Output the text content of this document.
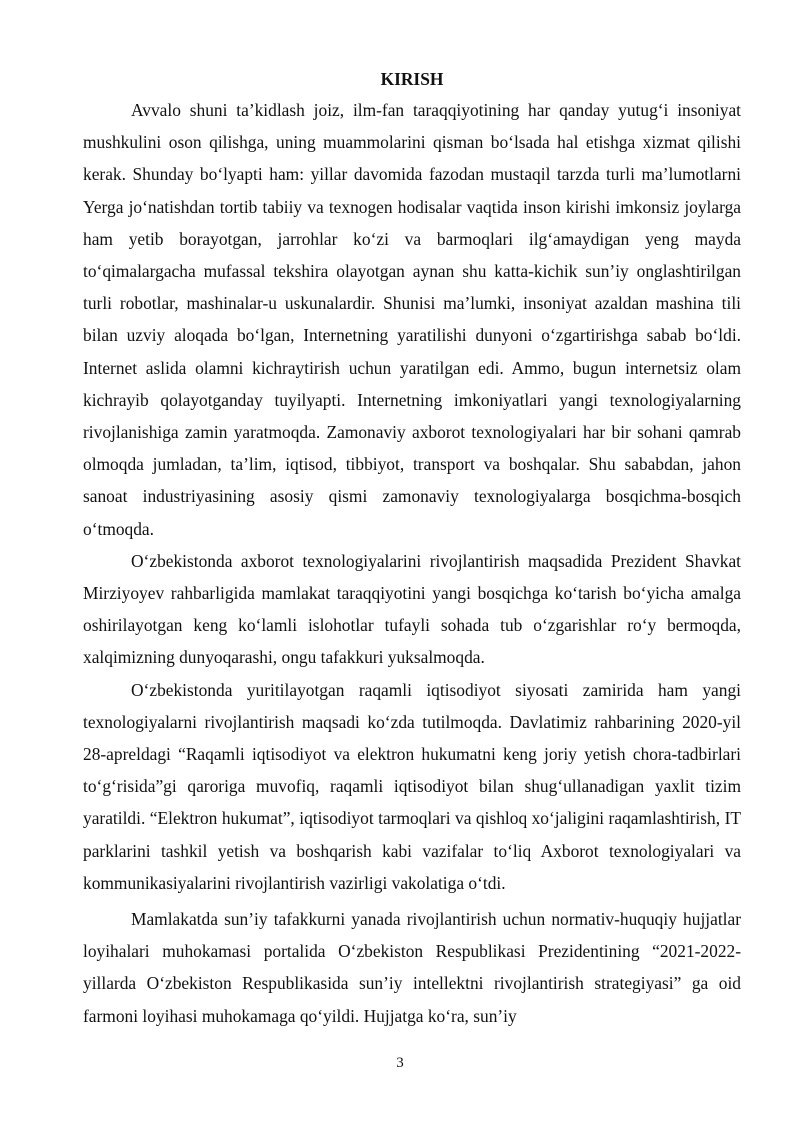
KIRISH

Avvalo shuni ta’kidlash joiz, ilm-fan taraqqiyotining har qanday yutug‘i insoniyat mushkulini oson qilishga, uning muammolarini qisman bo‘lsada hal etishga xizmat qilishi kerak. Shunday bo‘lyapti ham: yillar davomida fazodan mustaqil tarzda turli ma’lumotlarni Yerga jo‘natishdan tortib tabiiy va texnogen hodisalar vaqtida inson kirishi imkonsiz joylarga ham yetib borayotgan, jarrohlar ko‘zi va barmoqlari ilg‘amaydigan yeng mayda to‘qimalargacha mufassal tekshira olayotgan aynan shu katta-kichik sun’iy onglashtirilgan turli robotlar, mashinalar-u uskunalardir. Shunisi ma’lumki, insoniyat azaldan mashina tili bilan uzviy aloqada bo‘lgan, Internetning yaratilishi dunyoni o‘zgartirishga sabab bo‘ldi. Internet aslida olamni kichraytirish uchun yaratilgan edi. Ammo, bugun internetsiz olam kichrayib qolayotganday tuyilyapti. Internetning imkoniyatlari yangi texnologiyalarning rivojlanishiga zamin yaratmoqda. Zamonaviy axborot texnologiyalari har bir sohani qamrab olmoqda jumladan, ta’lim, iqtisod, tibbiyot, transport va boshqalar. Shu sababdan, jahon sanoat industriyasining asosiy qismi zamonaviy texnologiyalarga bosqichma-bosqich o‘tmoqda.

O‘zbekistonda axborot texnologiyalarini rivojlantirish maqsadida Prezident Shavkat Mirziyoyev rahbarligida mamlakat taraqqiyotini yangi bosqichga ko‘tarish bo‘yicha amalga oshirilayotgan keng ko‘lamli islohotlar tufayli sohada tub o‘zgarishlar ro‘y bermoqda, xalqimizning dunyoqarashi, ongu tafakkuri yuksalmoqda.

O‘zbekistonda yuritilayotgan raqamli iqtisodiyot siyosati zamirida ham yangi texnologiyalarni rivojlantirish maqsadi ko‘zda tutilmoqda. Davlatimiz rahbarining 2020-yil 28-apreldagi “Raqamli iqtisodiyot va elektron hukumatni keng joriy yetish chora-tadbirlari to‘g‘risida”gi qaroriga muvofiq, raqamli iqtisodiyot bilan shug‘ullanadigan yaxlit tizim yaratildi. “Elektron hukumat”, iqtisodiyot tarmoqlari va qishloq xo‘jaligini raqamlashtirish, IT parklarini tashkil yetish va boshqarish kabi vazifalar to‘liq Axborot texnologiyalari va kommunikasiyalarini rivojlantirish vazirligi vakolatiga o‘tdi.

Mamlakatda sun’iy tafakkurni yanada rivojlantirish uchun normativ-huquqiy hujjatlar loyihalari muhokamasi portalida O‘zbekiston Respublikasi Prezidentining “2021-2022-yillarda O‘zbekiston Respublikasida sun’iy intellektni rivojlantirish strategiyasi” ga oid farmoni loyihasi muhokamaga qo‘yildi. Hujjatga ko‘ra, sun’iy

3
